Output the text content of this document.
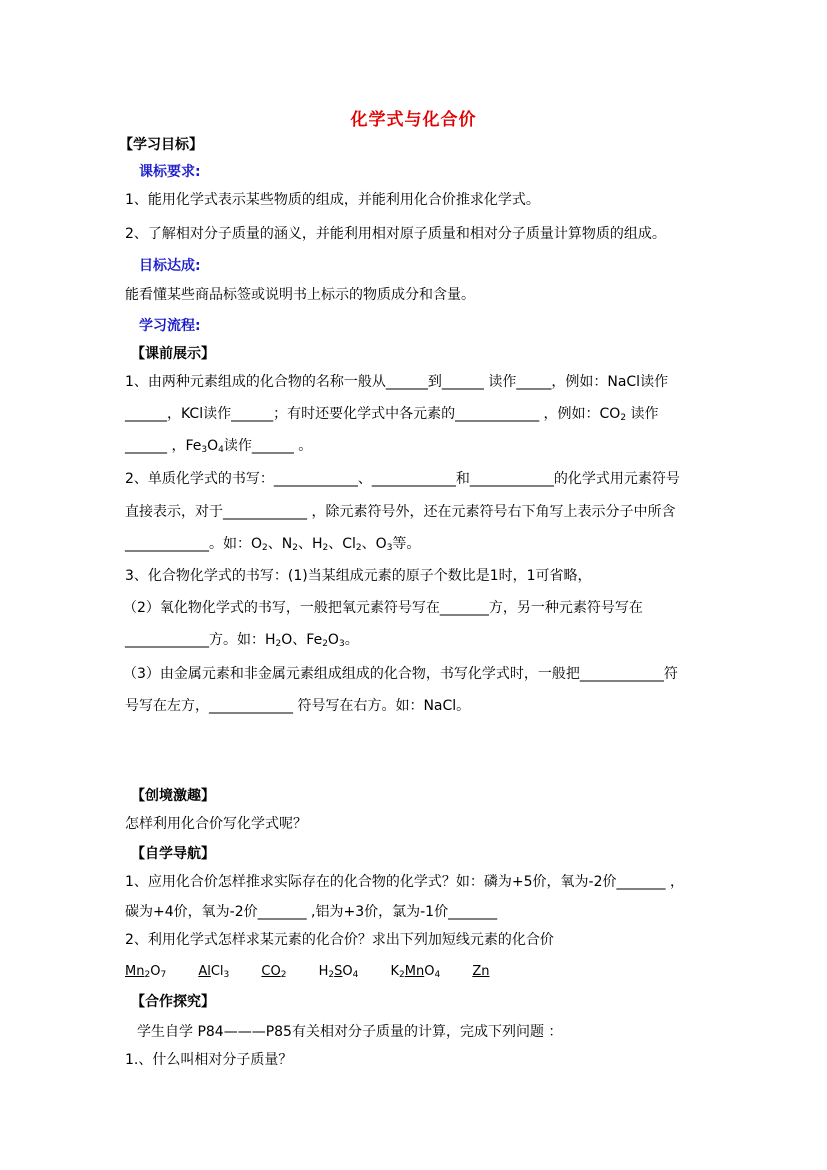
化学式与化合价
【学习目标】
课标要求:
1、能用化学式表示某些物质的组成，并能利用化合价推求化学式。
2、了解相对分子质量的涵义，并能利用相对原子质量和相对分子质量计算物质的组成。
目标达成:
能看懂某些商品标签或说明书上标示的物质成分和含量。
学习流程:
【课前展示】
1、由两种元素组成的化合物的名称一般从______到______ 读作_____，例如：NaCl读作
______，KCl读作______；有时还要化学式中各元素的____________ ，例如：$CO_2$ 读作
______ ，$Fe_3O_4$读作______ 。
2、单质化学式的书写：____________、____________和____________的化学式用元素符号
直接表示，对于____________ ，除元素符号外，还在元素符号右下角写上表示分子中所含
____________。如：$O_2$、$N_2$、$H_2$、$Cl_2$、$O_3$等。
3、化合物化学式的书写：(1)当某组成元素的原子个数比是1时，1可省略，
（2）氧化物化学式的书写，一般把氧元素符号写在_______方，另一种元素符号写在
____________方。如：$H_2O$、$Fe_2O_3$。
（3）由金属元素和非金属元素组成组成的化合物，书写化学式时，一般把____________符
号写在左方，____________ 符号写在右方。如：NaCl。
【创境激趣】
怎样利用化合价写化学式呢？
【自学导航】
1、应用化合价怎样推求实际存在的化合物的化学式？如：磷为+5价，氧为-2价_______ ，
碳为+4价，氧为-2价_______ ,铝为+3价，氯为-1价_______
2、利用化学式怎样求某元素的化合价？求出下列加短线元素的化合价
$Mn_2O_7$ AlCl$_3$ $CO_2$ $H_2SO_4$ $K_2MnO_4$ Zn
【合作探究】
学生自学 P84———P85有关相对分子质量的计算，完成下列问题 ：
1.、什么叫相对分子质量？
